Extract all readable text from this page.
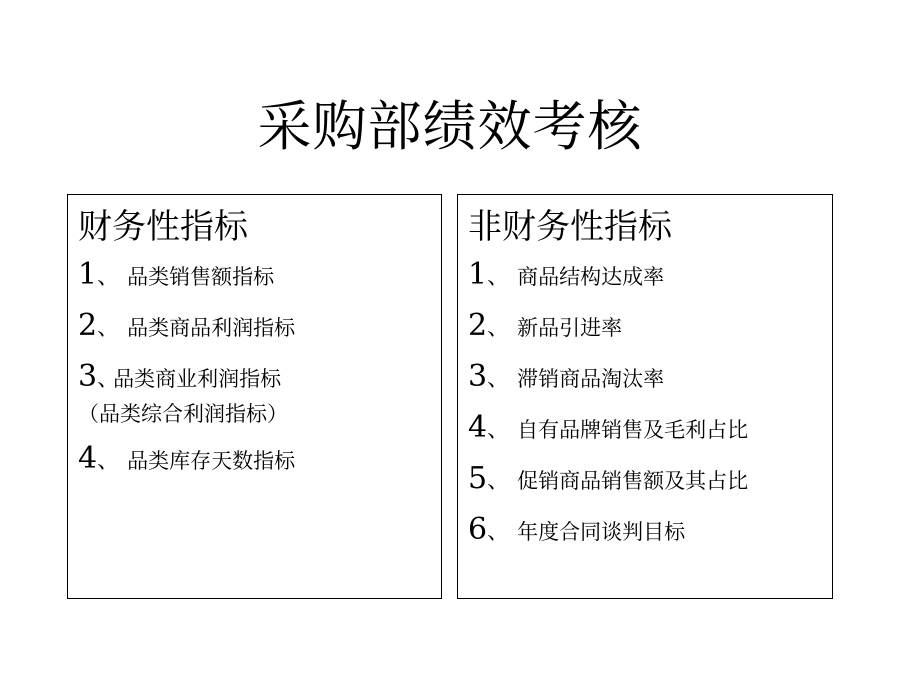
采购部绩效考核
财务性指标
1 、 品类销售额指标
2 、 品类商品利润指标
3 、
品类商业利润指标
（品类综合利润指标）
4 、 品类库存天数指标
非财务性指标
1 、 商品结构达成率
2 、 新品引进率
3 、 滞销商品淘汰率
4 、 自有品牌销售及毛利占比
5 、 促销商品销售额及其占比
6 、 年度合同谈判目标
